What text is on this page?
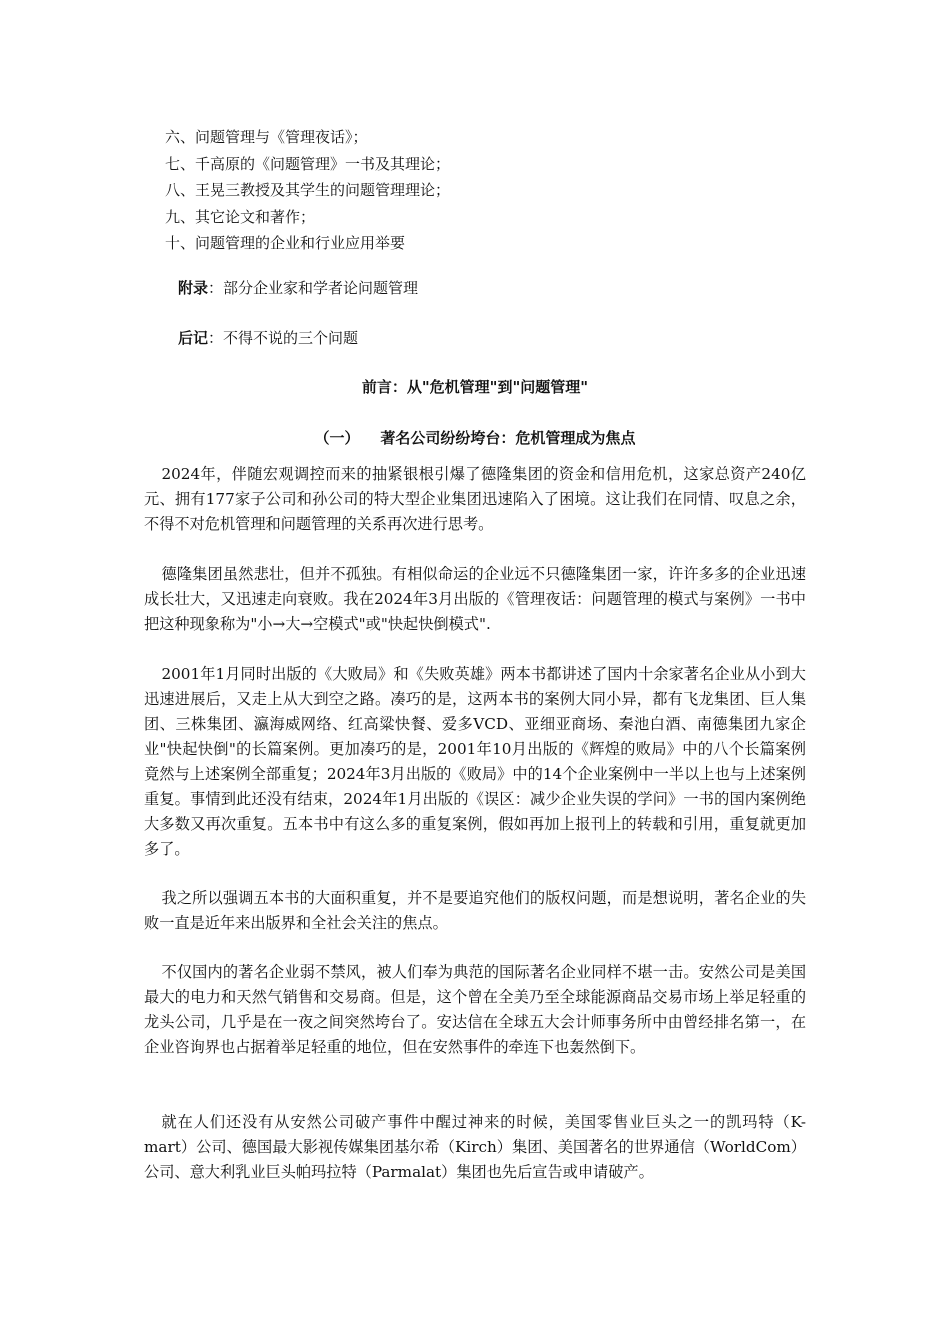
六、问题管理与《管理夜话》；
七、千高原的《问题管理》一书及其理论；
八、王晃三教授及其学生的问题管理理论；
九、其它论文和著作；
十、问题管理的企业和行业应用举要
附录：部分企业家和学者论问题管理
后记：不得不说的三个问题
前言：从"危机管理"到"问题管理"
（一）    著名公司纷纷垮台：危机管理成为焦点

2024年，伴随宏观调控而来的抽紧银根引爆了德隆集团的资金和信用危机，这家总资产240亿元、拥有177家子公司和孙公司的特大型企业集团迅速陷入了困境。这让我们在同情、叹息之余，不得不对危机管理和问题管理的关系再次进行思考。

德隆集团虽然悲壮，但并不孤独。有相似命运的企业远不只德隆集团一家，许许多多的企业迅速成长壮大，又迅速走向衰败。我在2024年3月出版的《管理夜话：问题管理的模式与案例》一书中把这种现象称为"小→大→空模式"或"快起快倒模式".

2001年1月同时出版的《大败局》和《失败英雄》两本书都讲述了国内十余家著名企业从小到大迅速进展后，又走上从大到空之路。凑巧的是，这两本书的案例大同小异，都有飞龙集团、巨人集团、三株集团、瀛海威网络、红高粱快餐、爱多VCD、亚细亚商场、秦池白酒、南德集团九家企业"快起快倒"的长篇案例。更加凑巧的是，2001年10月出版的《辉煌的败局》中的八个长篇案例竟然与上述案例全部重复；2024年3月出版的《败局》中的14个企业案例中一半以上也与上述案例重复。事情到此还没有结束，2024年1月出版的《误区：减少企业失误的学问》一书的国内案例绝大多数又再次重复。五本书中有这么多的重复案例，假如再加上报刊上的转载和引用，重复就更加多了。

我之所以强调五本书的大面积重复，并不是要追究他们的版权问题，而是想说明，著名企业的失败一直是近年来出版界和全社会关注的焦点。

不仅国内的著名企业弱不禁风，被人们奉为典范的国际著名企业同样不堪一击。安然公司是美国最大的电力和天然气销售和交易商。但是，这个曾在全美乃至全球能源商品交易市场上举足轻重的龙头公司，几乎是在一夜之间突然垮台了。安达信在全球五大会计师事务所中由曾经排名第一，在企业咨询界也占据着举足轻重的地位，但在安然事件的牵连下也轰然倒下。

就在人们还没有从安然公司破产事件中醒过神来的时候，美国零售业巨头之一的凯玛特（K-mart）公司、德国最大影视传媒集团基尔希（Kirch）集团、美国著名的世界通信（WorldCom）公司、意大利乳业巨头帕玛拉特（Parmalat）集团也先后宣告或申请破产。
